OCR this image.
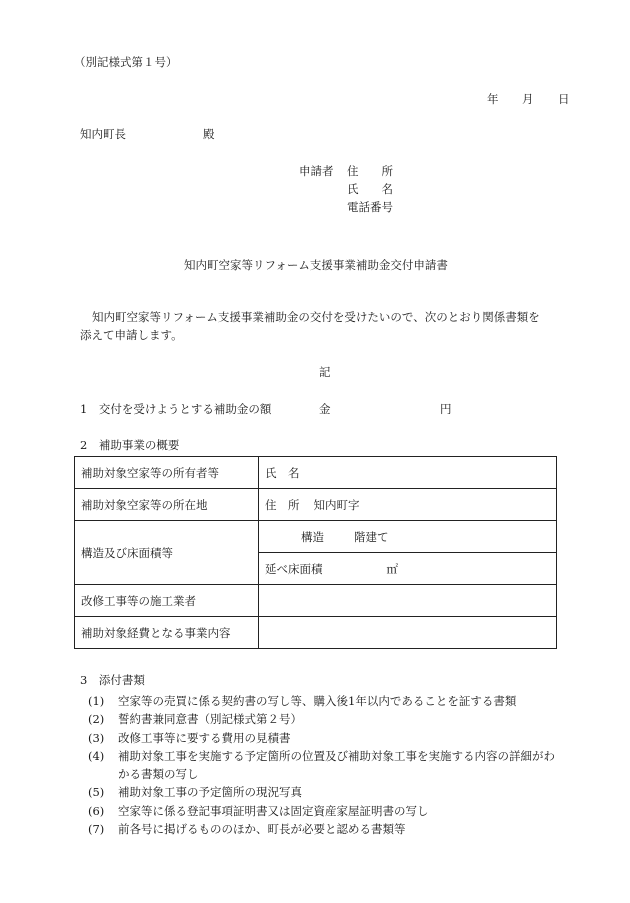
（別記様式第１号）
年 月 日
知内町長	殿
申請者 住　　所
氏　　名
電話番号
知内町空家等リフォーム支援事業補助金交付申請書
知内町空家等リフォーム支援事業補助金の交付を受けたいので、次のとおり関係書類を
添えて申請します。
記
1　交付を受けようとする補助金の額	金	円
2　補助事業の概要
補助対象空家等の所有者等	氏　名
補助対象空家等の所在地	住　所 知内町字
構造及び床面積等	構造 階建て
	延べ床面積 ㎡
改修工事等の施工業者	
補助対象経費となる事業内容	
3　添付書類
(1) 空家等の売買に係る契約書の写し等、購入後1年以内であることを証する書類
(2) 誓約書兼同意書（別記様式第２号）
(3) 改修工事等に要する費用の見積書
(4)	補助対象工事を実施する予定箇所の位置及び補助対象工事を実施する内容の詳細がわかる書類の写し
(5) 補助対象工事の予定箇所の現況写真
(6) 空家等に係る登記事項証明書又は固定資産家屋証明書の写し
(7) 前各号に掲げるもののほか、町長が必要と認める書類等
